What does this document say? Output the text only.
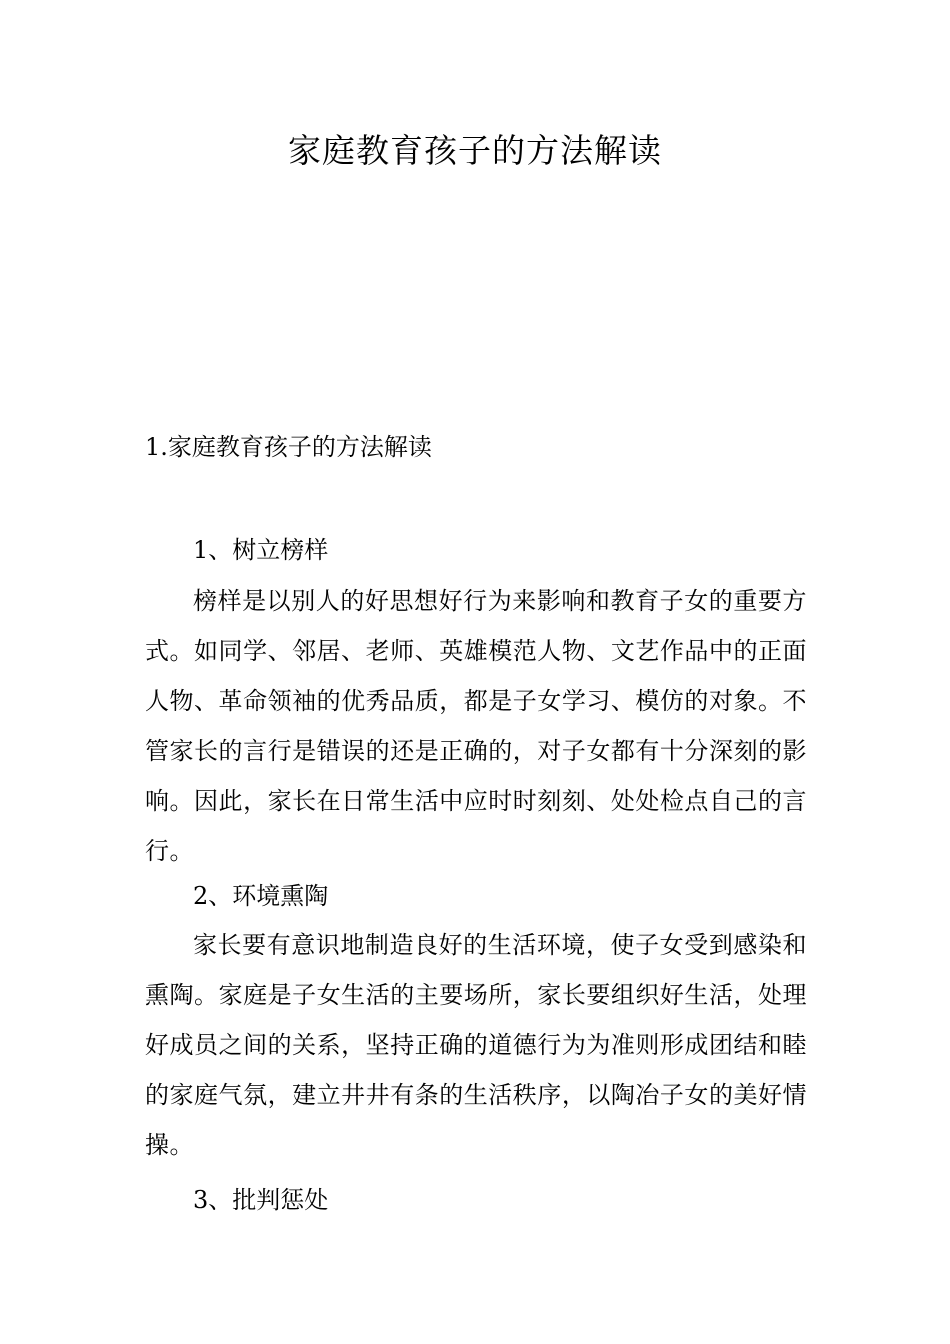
家庭教育孩子的方法解读
1.家庭教育孩子的方法解读
1、树立榜样

榜样是以别人的好思想好行为来影响和教育子女的重要方式。如同学、邻居、老师、英雄模范人物、文艺作品中的正面人物、革命领袖的优秀品质，都是子女学习、模仿的对象。不管家长的言行是错误的还是正确的，对子女都有十分深刻的影响。因此，家长在日常生活中应时时刻刻、处处检点自己的言行。

2、环境熏陶

家长要有意识地制造良好的生活环境，使子女受到感染和熏陶。家庭是子女生活的主要场所，家长要组织好生活，处理好成员之间的关系，坚持正确的道德行为为准则形成团结和睦的家庭气氛，建立井井有条的生活秩序，以陶冶子女的美好情操。

3、批判惩处
